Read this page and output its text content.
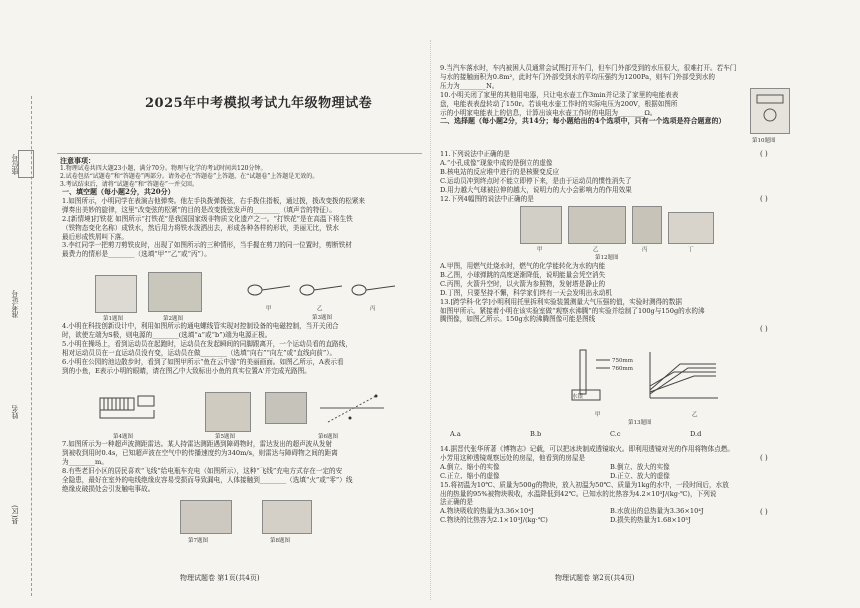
座位号
准考证号
姓名
县(区)
2025年中考模拟考试九年级物理试卷

注意事项：

1.物理试卷共四大题23小题，满分70分。物理与化学的考试时间共120分钟。

2.试卷包括“试题卷”和“答题卷”两部分。请务必在“答题卷”上答题，在“试题卷”上答题是无效的。

3.考试结束后，请将“试题卷”和“答题卷”一并交回。

一、填空题（每小题2分，共20分）

1.如图所示，小明同学在表演吉他弹奏。他左手执拨弹拨弦，右手拨住指板，通过拨，拨改变拨的松紧来

弹奏出美妙的旋律，这里“改变弦的松紧”的目的是改变拨弦发声的________（填声音的特征）。

2.[新情境]打铁花 如图所示“打铁花”是我国国家级非物质文化遗产之一。“打铁花”是在高温下将生铁

（铁物态变化名称）成铁水，然后用力将铁水泼洒出去，形成各种各样的形状，美丽无比，铁水

最后形成铁屑叫下落。

3.李红同学一把剪刀剪铁皮时，出现了如图所示的三种情形，当手握在剪刀的同一位置时，剪断铁材

最费力的情形是________（选填“甲”“乙”或“丙”）。

第1题图	第2题图
甲	乙	丙
第3题图

4.小明在科技创新设计中，利用如图所示的通电螺线管实现对控制设备的电磁控制，当开关闭合

时，欲使左端为S极，则电源的________(选填“a”或“b”)端为电源正极。

5.小明在操场上，看到运动员在起跑时，运动员在发起瞬间的同脚跟离开，一个运动员看的直路线，

相对运动员员在一直运动员没有变，运动员在做________（选填“向右”“向左”或“直线向前”）。

6.小明在公园的池边散步时，看到了如图甲所示“鱼在云中游”的美丽画面。如图乙所示，A表示看

到的小鱼，E表示小明的眼睛，请在图乙中大致标出小鱼的真实位置A'并完成光路图。

第4题图	第5题图	第6题图

7.如图所示为一种超声波测距雷达。某人持雷达测距遇到障碍物时，雷达发出的超声波从发射

到被收到用时0.4s，已知超声波在空气中的传播速度约为340m/s，则雷达与障碍物之间的距离

为________m。

8.有些老旧小区的居民喜欢“飞线”给电瓶车充电（如图所示），这种“飞线”充电方式存在一定的安

全隐患，最好在室外的电线绝缘皮容易受损而导致漏电，人体接触到________（选填“火”或“零”）线

绝缘皮破损处会引发触电事故。

第7题图	第8题图
物理试题卷 第1页(共4页)

9.当汽车落水时，车内被困人员通常会试图打开车门，但车门外部受到的水压很大，很难打开。若车门

与水的接触面积为0.8m²，此时车门外部受到水的平均压强约为1200Pa，则车门外部受到水的

压力为________N。

10.小明关闭了家里的其他用电器，只让电水壶工作3min并记录了家里的电能表表

盘，电能表表盘转动了150r。若该电水壶工作时的实际电压为200V，根据如图所

示的小明家电能表上的信息，计算出该电水壶工作时的电阻为________Ω。

二、选择题（每小题2分，共14分；每小题给出的4个选项中，只有一个选项是符合题意的）

第10题图

11.下列说法中正确的是

A.“小孔成像”现象中成的是倒立的虚像

B.核电站的反应堆中进行的是核聚变反应

C.运动员冲到终点时不能立即停下来，是由于运动员的惯性消失了

D.用力越大气球被拉伸的越大，说明力的大小会影响力的作用效果

12.下列4幅图的说法中正确的是

( )
( )
甲	乙	丙	丁
第12题图

A.甲图，用燃气灶烧水时，燃气的化学能转化为水的内能

B.乙图，小球弹跳的高度逐渐降低，说明能量会凭空消失

C.丙图，火箭升空时，以火箭为参照物，发射塔是静止的

D.丁图，只要坚持不懈，科学家们终有一天会发明出永动机

13.[跨学科·化学]小明利用托里拆利实验装置测量大气压强的值，实验时测得的数据

如图甲所示。紧接着小明在该实验室做“观察水沸腾”的实验并绘制了100g与150g的水的沸

腾图像，如图乙所示。150g水的沸腾图像可能是图线

( )
750mm
760mm
水银
甲	乙
第13题图
A.a	B.b	C.c	D.d

14.据晋代张华所著《博物志》记载，可以把冰块制成透镜取火。即利用透镜对光的作用将物体点燃。

小芳用这种透镜观察远处的房屋，他看到的房屋是

A.倒立、缩小的实像	B.倒立、放大的实像

C.正立、缩小的虚像	D.正立、放大的虚像

15.将初温为10℃、质量为500g的物块，放入初温为50℃、质量为1kg的水中，一段时间后，水放

出的热量的95%被物块吸收，水温降低到42℃。已知水的比热容为4.2×10³J/(kg·℃)，下列说

法正确的是

A.物块吸收的热量为3.36×10⁴J	B.水放出的总热量为3.36×10⁴J

C.物块的比热容为2.1×10³J/(kg·℃)	D.损失的热量为1.68×10³J

( )
( )
物理试题卷 第2页(共4页)
